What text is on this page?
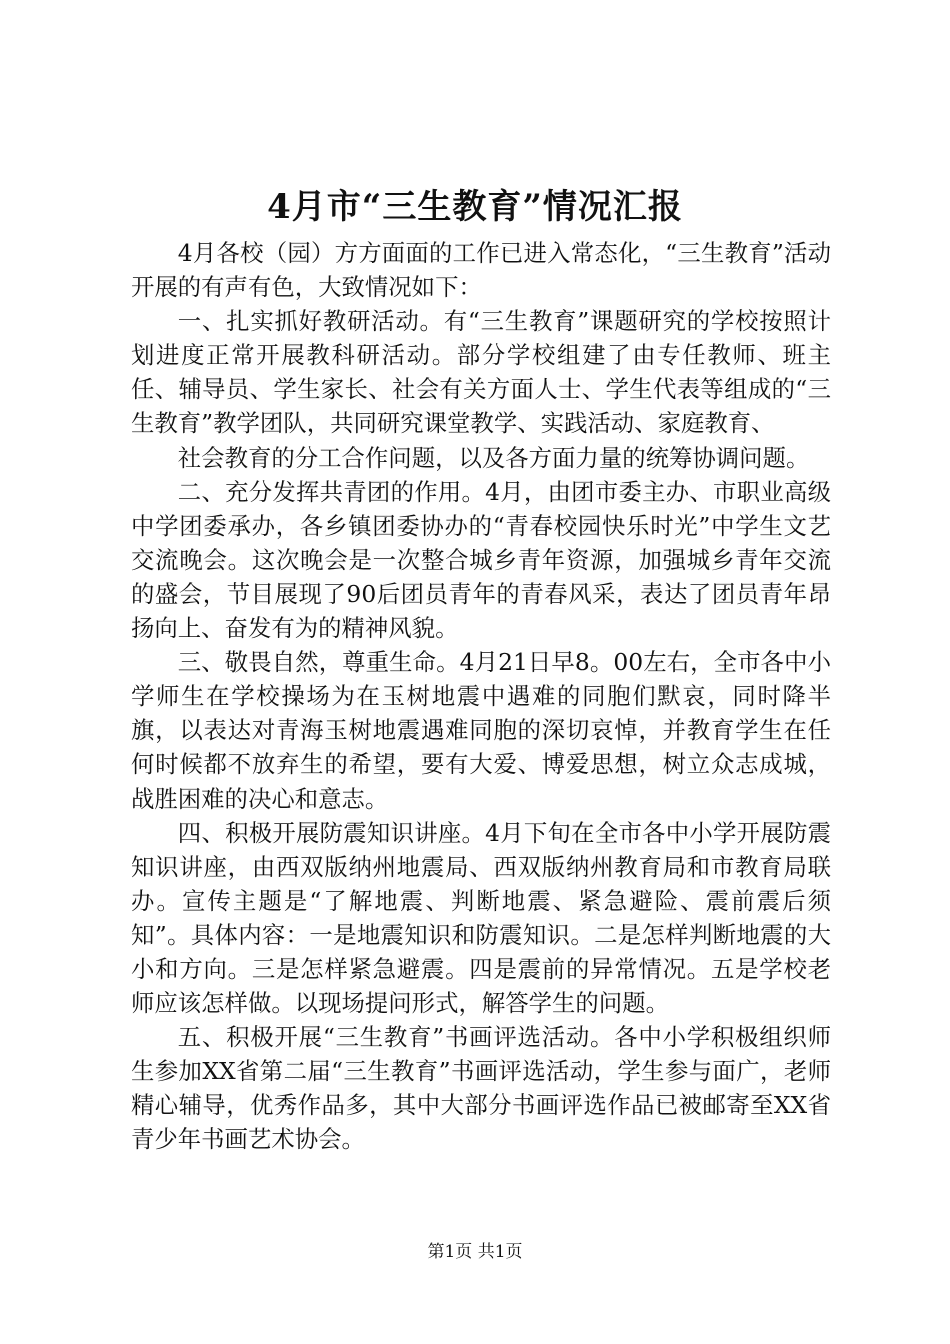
4月市“三生教育”情况汇报

4月各校（园）方方面面的工作已进入常态化，“三生教育”活动开展的有声有色，大致情况如下：

一、扎实抓好教研活动。有“三生教育”课题研究的学校按照计划进度正常开展教科研活动。部分学校组建了由专任教师、班主任、辅导员、学生家长、社会有关方面人士、学生代表等组成的“三生教育”教学团队，共同研究课堂教学、实践活动、家庭教育、

社会教育的分工合作问题，以及各方面力量的统筹协调问题。

二、充分发挥共青团的作用。4月，由团市委主办、市职业高级中学团委承办，各乡镇团委协办的“青春校园快乐时光”中学生文艺交流晚会。这次晚会是一次整合城乡青年资源，加强城乡青年交流的盛会，节目展现了90后团员青年的青春风采，表达了团员青年昂扬向上、奋发有为的精神风貌。

三、敬畏自然，尊重生命。4月21日早8。00左右，全市各中小学师生在学校操场为在玉树地震中遇难的同胞们默哀，同时降半旗，以表达对青海玉树地震遇难同胞的深切哀悼，并教育学生在任何时候都不放弃生的希望，要有大爱、博爱思想，树立众志成城，战胜困难的决心和意志。

四、积极开展防震知识讲座。4月下旬在全市各中小学开展防震知识讲座，由西双版纳州地震局、西双版纳州教育局和市教育局联办。宣传主题是“了解地震、判断地震、紧急避险、震前震后须知”。具体内容：一是地震知识和防震知识。二是怎样判断地震的大小和方向。三是怎样紧急避震。四是震前的异常情况。五是学校老师应该怎样做。以现场提问形式，解答学生的问题。

五、积极开展“三生教育”书画评选活动。各中小学积极组织师生参加XX省第二届“三生教育”书画评选活动，学生参与面广，老师精心辅导，优秀作品多，其中大部分书画评选作品已被邮寄至XX省青少年书画艺术协会。

第1页 共1页
